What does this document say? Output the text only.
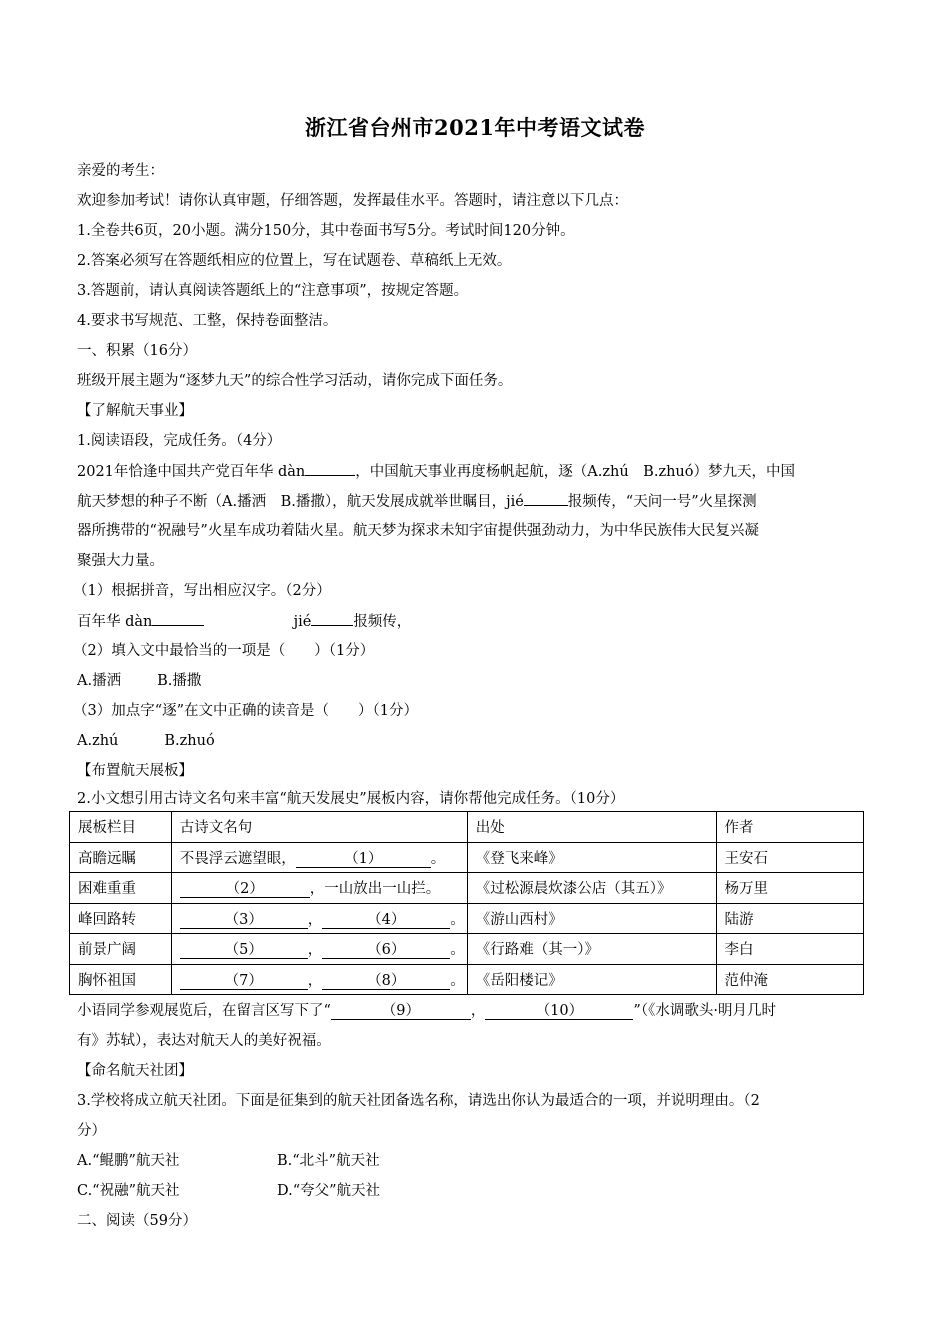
浙江省台州市2021年中考语文试卷
亲爱的考生：
欢迎参加考试！请你认真审题，仔细答题，发挥最佳水平。答题时，请注意以下几点：
1.全卷共6页，20小题。满分150分，其中卷面书写5分。考试时间120分钟。
2.答案必须写在答题纸相应的位置上，写在试题卷、草稿纸上无效。
3.答题前，请认真阅读答题纸上的“注意事项”，按规定答题。
4.要求书写规范、工整，保持卷面整洁。
一、积累（16分）
班级开展主题为“逐梦九天”的综合性学习活动，请你完成下面任务。
【了解航天事业】
1.阅读语段，完成任务。（4分）
2021年恰逢中国共产党百年华 dàn	，中国航天事业再度杨帆起航，逐（A.zhú　B.zhuó）梦九天，中国
航天梦想的种子不断（A.播洒　B.播撒），航天发展成就举世瞩目，jié	报频传，“天问一号”火星探测
器所携带的“祝融号”火星车成功着陆火星。航天梦为探求未知宇宙提供强劲动力，为中华民族伟大民复兴凝
聚强大力量。
（1）根据拼音，写出相应汉字。（2分）
百年华 dàn	jié	报频传，
（2）填入文中最恰当的一项是（　　）（1分）
A.播洒 B.播撒
（3）加点字“逐”在文中正确的读音是（　　）（1分）
A.zhú	B.zhuó
【布置航天展板】
2.小文想引用古诗文名句来丰富“航天发展史”展板内容，请你帮他完成任务。（10分）
展板栏目	古诗文名句	出处	作者
高瞻远瞩	不畏浮云遮望眼， （1） 。	《登飞来峰》	王安石
困难重重	（2） ，一山放出一山拦。	《过松源晨炊漆公店（其五）》	杨万里
峰回路转	（3） ， （4） 。	《游山西村》	陆游
前景广阔	（5） ， （6） 。	《行路难（其一）》	李白
胸怀祖国	（7） ， （8） 。	《岳阳楼记》	范仲淹
小语同学参观展览后，在留言区写下了“	（9）	，	（10）	”（《水调歌头·明月几时
有》苏轼），表达对航天人的美好祝福。
【命名航天社团】
3.学校将成立航天社团。下面是征集到的航天社团备选名称，请选出你认为最适合的一项，并说明理由。（2
分）
A.“鲲鹏”航天社	B.“北斗”航天社
C.“祝融”航天社	D.“夸父”航天社
二、阅读（59分）
